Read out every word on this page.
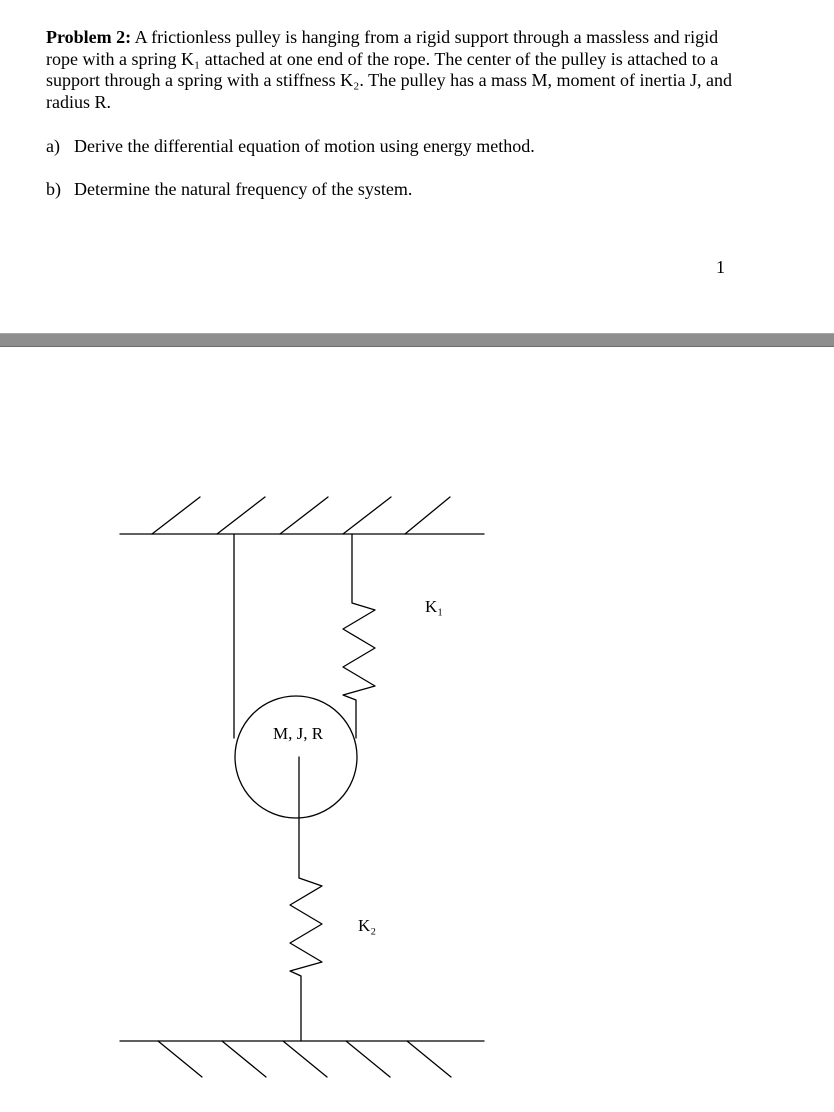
Problem 2: A frictionless pulley is hanging from a rigid support through a massless and rigid rope with a spring K₁ attached at one end of the rope. The center of the pulley is attached to a support through a spring with a stiffness K₂. The pulley has a mass M, moment of inertia J, and radius R.
a) Derive the differential equation of motion using energy method.
b) Determine the natural frequency of the system.
1
M, J, R
K₁
K₂
